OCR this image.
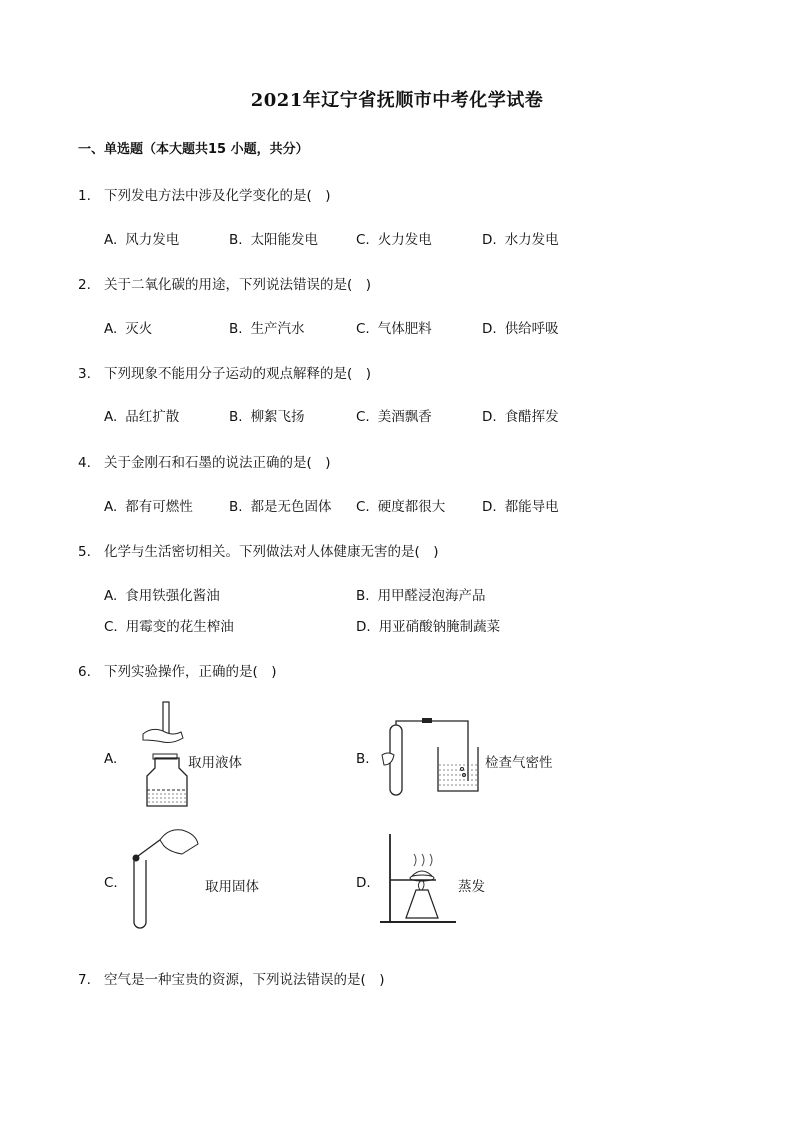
2021年辽宁省抚顺市中考化学试卷
一、单选题（本大题共15 小题，共分）
1. 下列发电方法中涉及化学变化的是(　)
A. 风力发电	B. 太阳能发电	C. 火力发电	D. 水力发电
2. 关于二氧化碳的用途，下列说法错误的是(　)
A. 灭火	B. 生产汽水	C. 气体肥料	D. 供给呼吸
3. 下列现象不能用分子运动的观点解释的是(　)
A. 品红扩散	B. 柳絮飞扬	C. 美酒飘香	D. 食醋挥发
4. 关于金刚石和石墨的说法正确的是(　)
A. 都有可燃性	B. 都是无色固体 C. 硬度都很大	D. 都能导电
5. 化学与生活密切相关。下列做法对人体健康无害的是(　)
A. 食用铁强化酱油	B. 用甲醛浸泡海产品
C. 用霉变的花生榨油	D. 用亚硝酸钠腌制蔬菜
6. 下列实验操作，正确的是(　)
A.	取用液体	B.	检查气密性
C.	取用固体	D.	蒸发
7. 空气是一种宝贵的资源，下列说法错误的是(　)
